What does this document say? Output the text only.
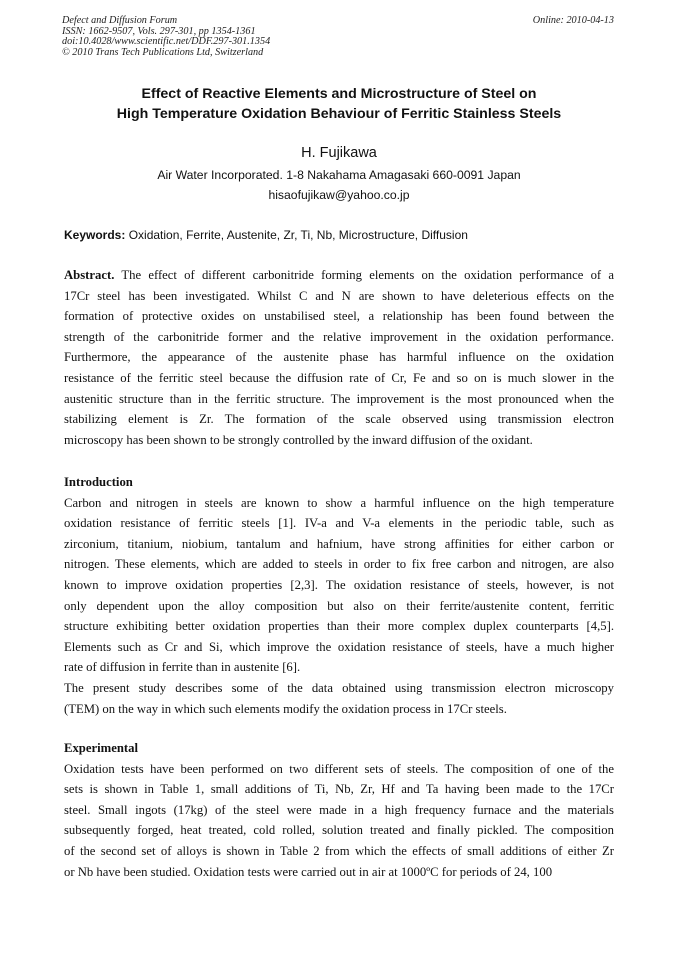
Defect and Diffusion Forum
ISSN: 1662-9507, Vols. 297-301, pp 1354-1361
doi:10.4028/www.scientific.net/DDF.297-301.1354
© 2010 Trans Tech Publications Ltd, Switzerland
Online: 2010-04-13
Effect of Reactive Elements and Microstructure of Steel on
High Temperature Oxidation Behaviour of Ferritic Stainless Steels
H. Fujikawa
Air Water Incorporated. 1-8 Nakahama Amagasaki 660-0091 Japan
hisaofujikaw@yahoo.co.jp
Keywords: Oxidation, Ferrite, Austenite, Zr, Ti, Nb, Microstructure, Diffusion
Abstract. The effect of different carbonitride forming elements on the oxidation performance of a
17Cr steel has been investigated. Whilst C and N are shown to have deleterious effects on the
formation of protective oxides on unstabilised steel, a relationship has been found between the
strength of the carbonitride former and the relative improvement in the oxidation performance.
Furthermore, the appearance of the austenite phase has harmful influence on the oxidation
resistance of the ferritic steel because the diffusion rate of Cr, Fe and so on is much slower in the
austenitic structure than in the ferritic structure. The improvement is the most pronounced when the
stabilizing element is Zr. The formation of the scale observed using transmission electron
microscopy has been shown to be strongly controlled by the inward diffusion of the oxidant.
Introduction
Carbon and nitrogen in steels are known to show a harmful influence on the high temperature
oxidation resistance of ferritic steels [1]. IV-a and V-a elements in the periodic table, such as
zirconium, titanium, niobium, tantalum and hafnium, have strong affinities for either carbon or
nitrogen. These elements, which are added to steels in order to fix free carbon and nitrogen, are also
known to improve oxidation properties [2,3]. The oxidation resistance of steels, however, is not
only dependent upon the alloy composition but also on their ferrite/austenite content, ferritic
structure exhibiting better oxidation properties than their more complex duplex counterparts [4,5].
Elements such as Cr and Si, which improve the oxidation resistance of steels, have a much higher
rate of diffusion in ferrite than in austenite [6].
The present study describes some of the data obtained using transmission electron microscopy
(TEM) on the way in which such elements modify the oxidation process in 17Cr steels.
Experimental
Oxidation tests have been performed on two different sets of steels. The composition of one of the
sets is shown in Table 1, small additions of Ti, Nb, Zr, Hf and Ta having been made to the 17Cr
steel. Small ingots (17kg) of the steel were made in a high frequency furnace and the materials
subsequently forged, heat treated, cold rolled, solution treated and finally pickled. The composition
of the second set of alloys is shown in Table 2 from which the effects of small additions of either Zr
or Nb have been studied. Oxidation tests were carried out in air at 1000ºC for periods of 24, 100
